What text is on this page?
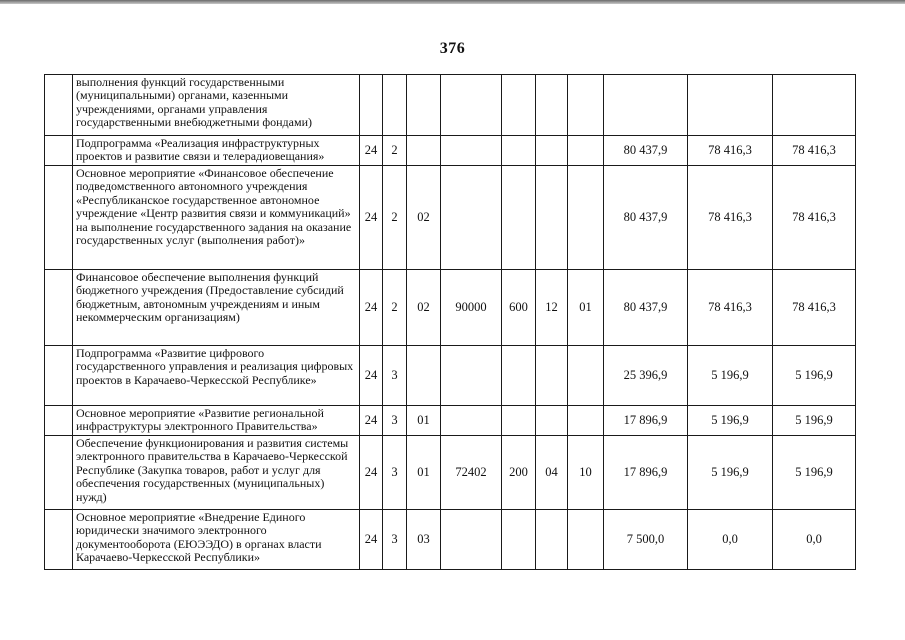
376
	выполнения функций государственными (муниципальными) органами, казенными учреждениями, органами управления государственными внебюджетными фондами)										
	Подпрограмма «Реализация инфраструктурных проектов и развитие связи и телерадиовещания»	24	2						80 437,9	78 416,3	78 416,3
	Основное мероприятие «Финансовое обеспечение подведомственного автономного учреждения «Республиканское государственное автономное учреждение «Центр развития связи и коммуникаций» на выполнение государственного задания на оказание государственных услуг (выполнения работ)»	24	2	02					80 437,9	78 416,3	78 416,3
	Финансовое обеспечение выполнения функций бюджетного учреждения (Предоставление субсидий бюджетным, автономным учреждениям и иным некоммерческим организациям)	24	2	02	90000	600	12	01	80 437,9	78 416,3	78 416,3
	Подпрограмма «Развитие цифрового государственного управления и реализация цифровых проектов в Карачаево-Черкесской Республике»	24	3						25 396,9	5 196,9	5 196,9
	Основное мероприятие «Развитие региональной инфраструктуры электронного Правительства»	24	3	01					17 896,9	5 196,9	5 196,9
	Обеспечение функционирования и развития системы электронного правительства в Карачаево-Черкесской Республике (Закупка товаров, работ и услуг для обеспечения государственных (муниципальных) нужд)	24	3	01	72402	200	04	10	17 896,9	5 196,9	5 196,9
	Основное мероприятие «Внедрение Единого юридически значимого электронного документооборота (ЕЮЭЭДО) в органах власти Карачаево-Черкесской Республики»	24	3	03					7 500,0	0,0	0,0
